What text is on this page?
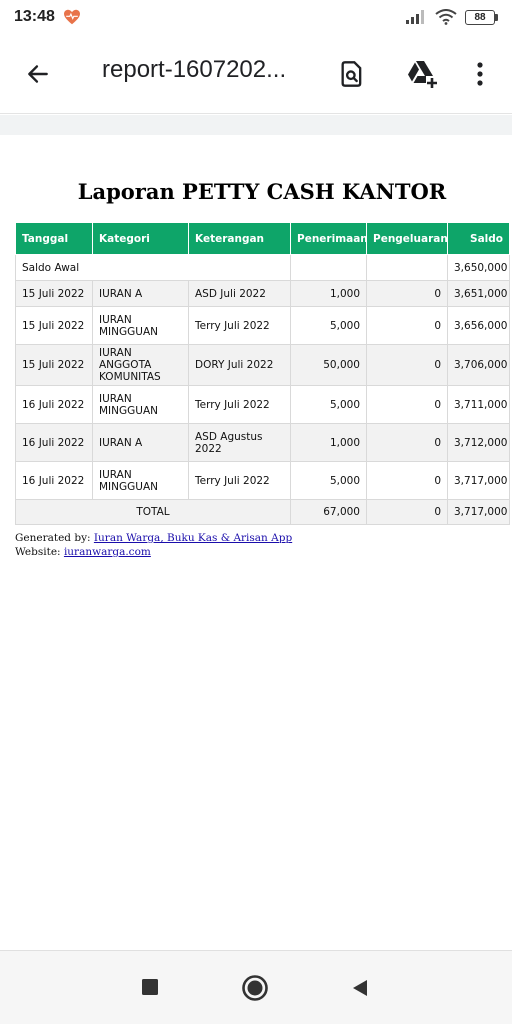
13:48	88
report-1607202...
Laporan PETTY CASH KANTOR
Tanggal	Kategori	Keterangan	Penerimaan	Pengeluaran	Saldo
Saldo Awal					3,650,000
15 Juli 2022	IURAN A	ASD Juli 2022	1,000	0	3,651,000
15 Juli 2022	IURAN MINGGUAN	Terry Juli 2022	5,000	0	3,656,000
15 Juli 2022	IURAN ANGGOTA KOMUNITAS	DORY Juli 2022	50,000	0	3,706,000
16 Juli 2022	IURAN MINGGUAN	Terry Juli 2022	5,000	0	3,711,000
16 Juli 2022	IURAN A	ASD Agustus 2022	1,000	0	3,712,000
16 Juli 2022	IURAN MINGGUAN	Terry Juli 2022	5,000	0	3,717,000
TOTAL			67,000	0	3,717,000
Generated by: Iuran Warga, Buku Kas & Arisan App
Website: iuranwarga.com
